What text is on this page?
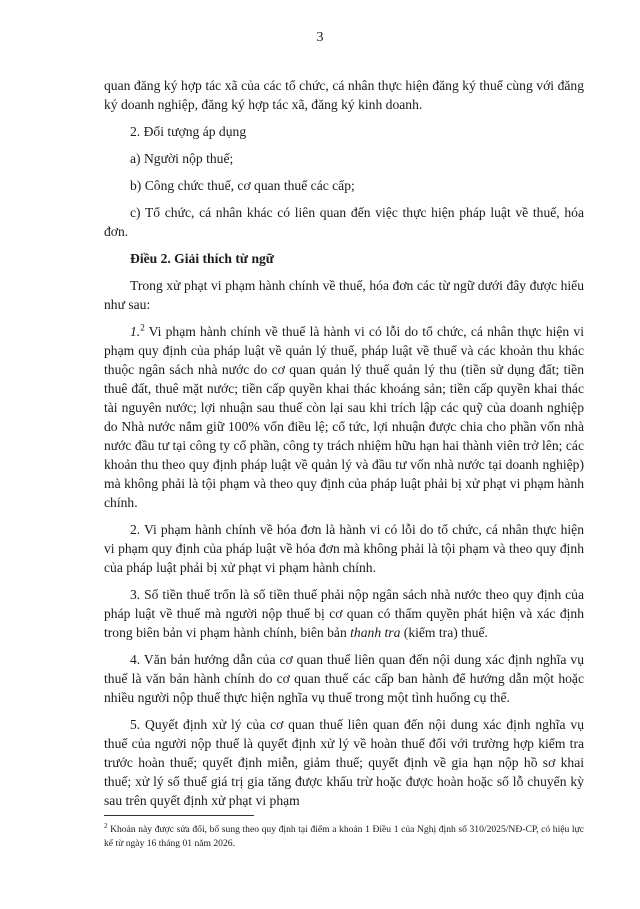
3

quan đăng ký hợp tác xã của các tổ chức, cá nhân thực hiện đăng ký thuế cùng với đăng ký doanh nghiệp, đăng ký hợp tác xã, đăng ký kinh doanh.

2. Đối tượng áp dụng

a) Người nộp thuế;

b) Công chức thuế, cơ quan thuế các cấp;

c) Tổ chức, cá nhân khác có liên quan đến việc thực hiện pháp luật về thuế, hóa đơn.

Điều 2. Giải thích từ ngữ

Trong xử phạt vi phạm hành chính về thuế, hóa đơn các từ ngữ dưới đây được hiểu như sau:

1.$^2$ Vi phạm hành chính về thuế là hành vi có lỗi do tổ chức, cá nhân thực hiện vi phạm quy định của pháp luật về quản lý thuế, pháp luật về thuế và các khoản thu khác thuộc ngân sách nhà nước do cơ quan quản lý thuế quản lý thu (tiền sử dụng đất; tiền thuê đất, thuê mặt nước; tiền cấp quyền khai thác khoáng sản; tiền cấp quyền khai thác tài nguyên nước; lợi nhuận sau thuế còn lại sau khi trích lập các quỹ của doanh nghiệp do Nhà nước nắm giữ 100% vốn điều lệ; cổ tức, lợi nhuận được chia cho phần vốn nhà nước đầu tư tại công ty cổ phần, công ty trách nhiệm hữu hạn hai thành viên trở lên; các khoản thu theo quy định pháp luật về quản lý và đầu tư vốn nhà nước tại doanh nghiệp) mà không phải là tội phạm và theo quy định của pháp luật phải bị xử phạt vi phạm hành chính.

2. Vi phạm hành chính về hóa đơn là hành vi có lỗi do tổ chức, cá nhân thực hiện vi phạm quy định của pháp luật về hóa đơn mà không phải là tội phạm và theo quy định của pháp luật phải bị xử phạt vi phạm hành chính.

3. Số tiền thuế trốn là số tiền thuế phải nộp ngân sách nhà nước theo quy định của pháp luật về thuế mà người nộp thuế bị cơ quan có thẩm quyền phát hiện và xác định trong biên bản vi phạm hành chính, biên bản thanh tra (kiểm tra) thuế.

4. Văn bản hướng dẫn của cơ quan thuế liên quan đến nội dung xác định nghĩa vụ thuế là văn bản hành chính do cơ quan thuế các cấp ban hành để hướng dẫn một hoặc nhiều người nộp thuế thực hiện nghĩa vụ thuế trong một tình huống cụ thể.

5. Quyết định xử lý của cơ quan thuế liên quan đến nội dung xác định nghĩa vụ thuế của người nộp thuế là quyết định xử lý về hoàn thuế đối với trường hợp kiểm tra trước hoàn thuế; quyết định miễn, giảm thuế; quyết định về gia hạn nộp hồ sơ khai thuế; xử lý số thuế giá trị gia tăng được khấu trừ hoặc được hoàn hoặc số lỗ chuyển kỳ sau trên quyết định xử phạt vi phạm

$^2$ Khoản này được sửa đổi, bổ sung theo quy định tại điểm a khoản 1 Điều 1 của Nghị định số 310/2025/NĐ-CP, có hiệu lực kể từ ngày 16 tháng 01 năm 2026.
